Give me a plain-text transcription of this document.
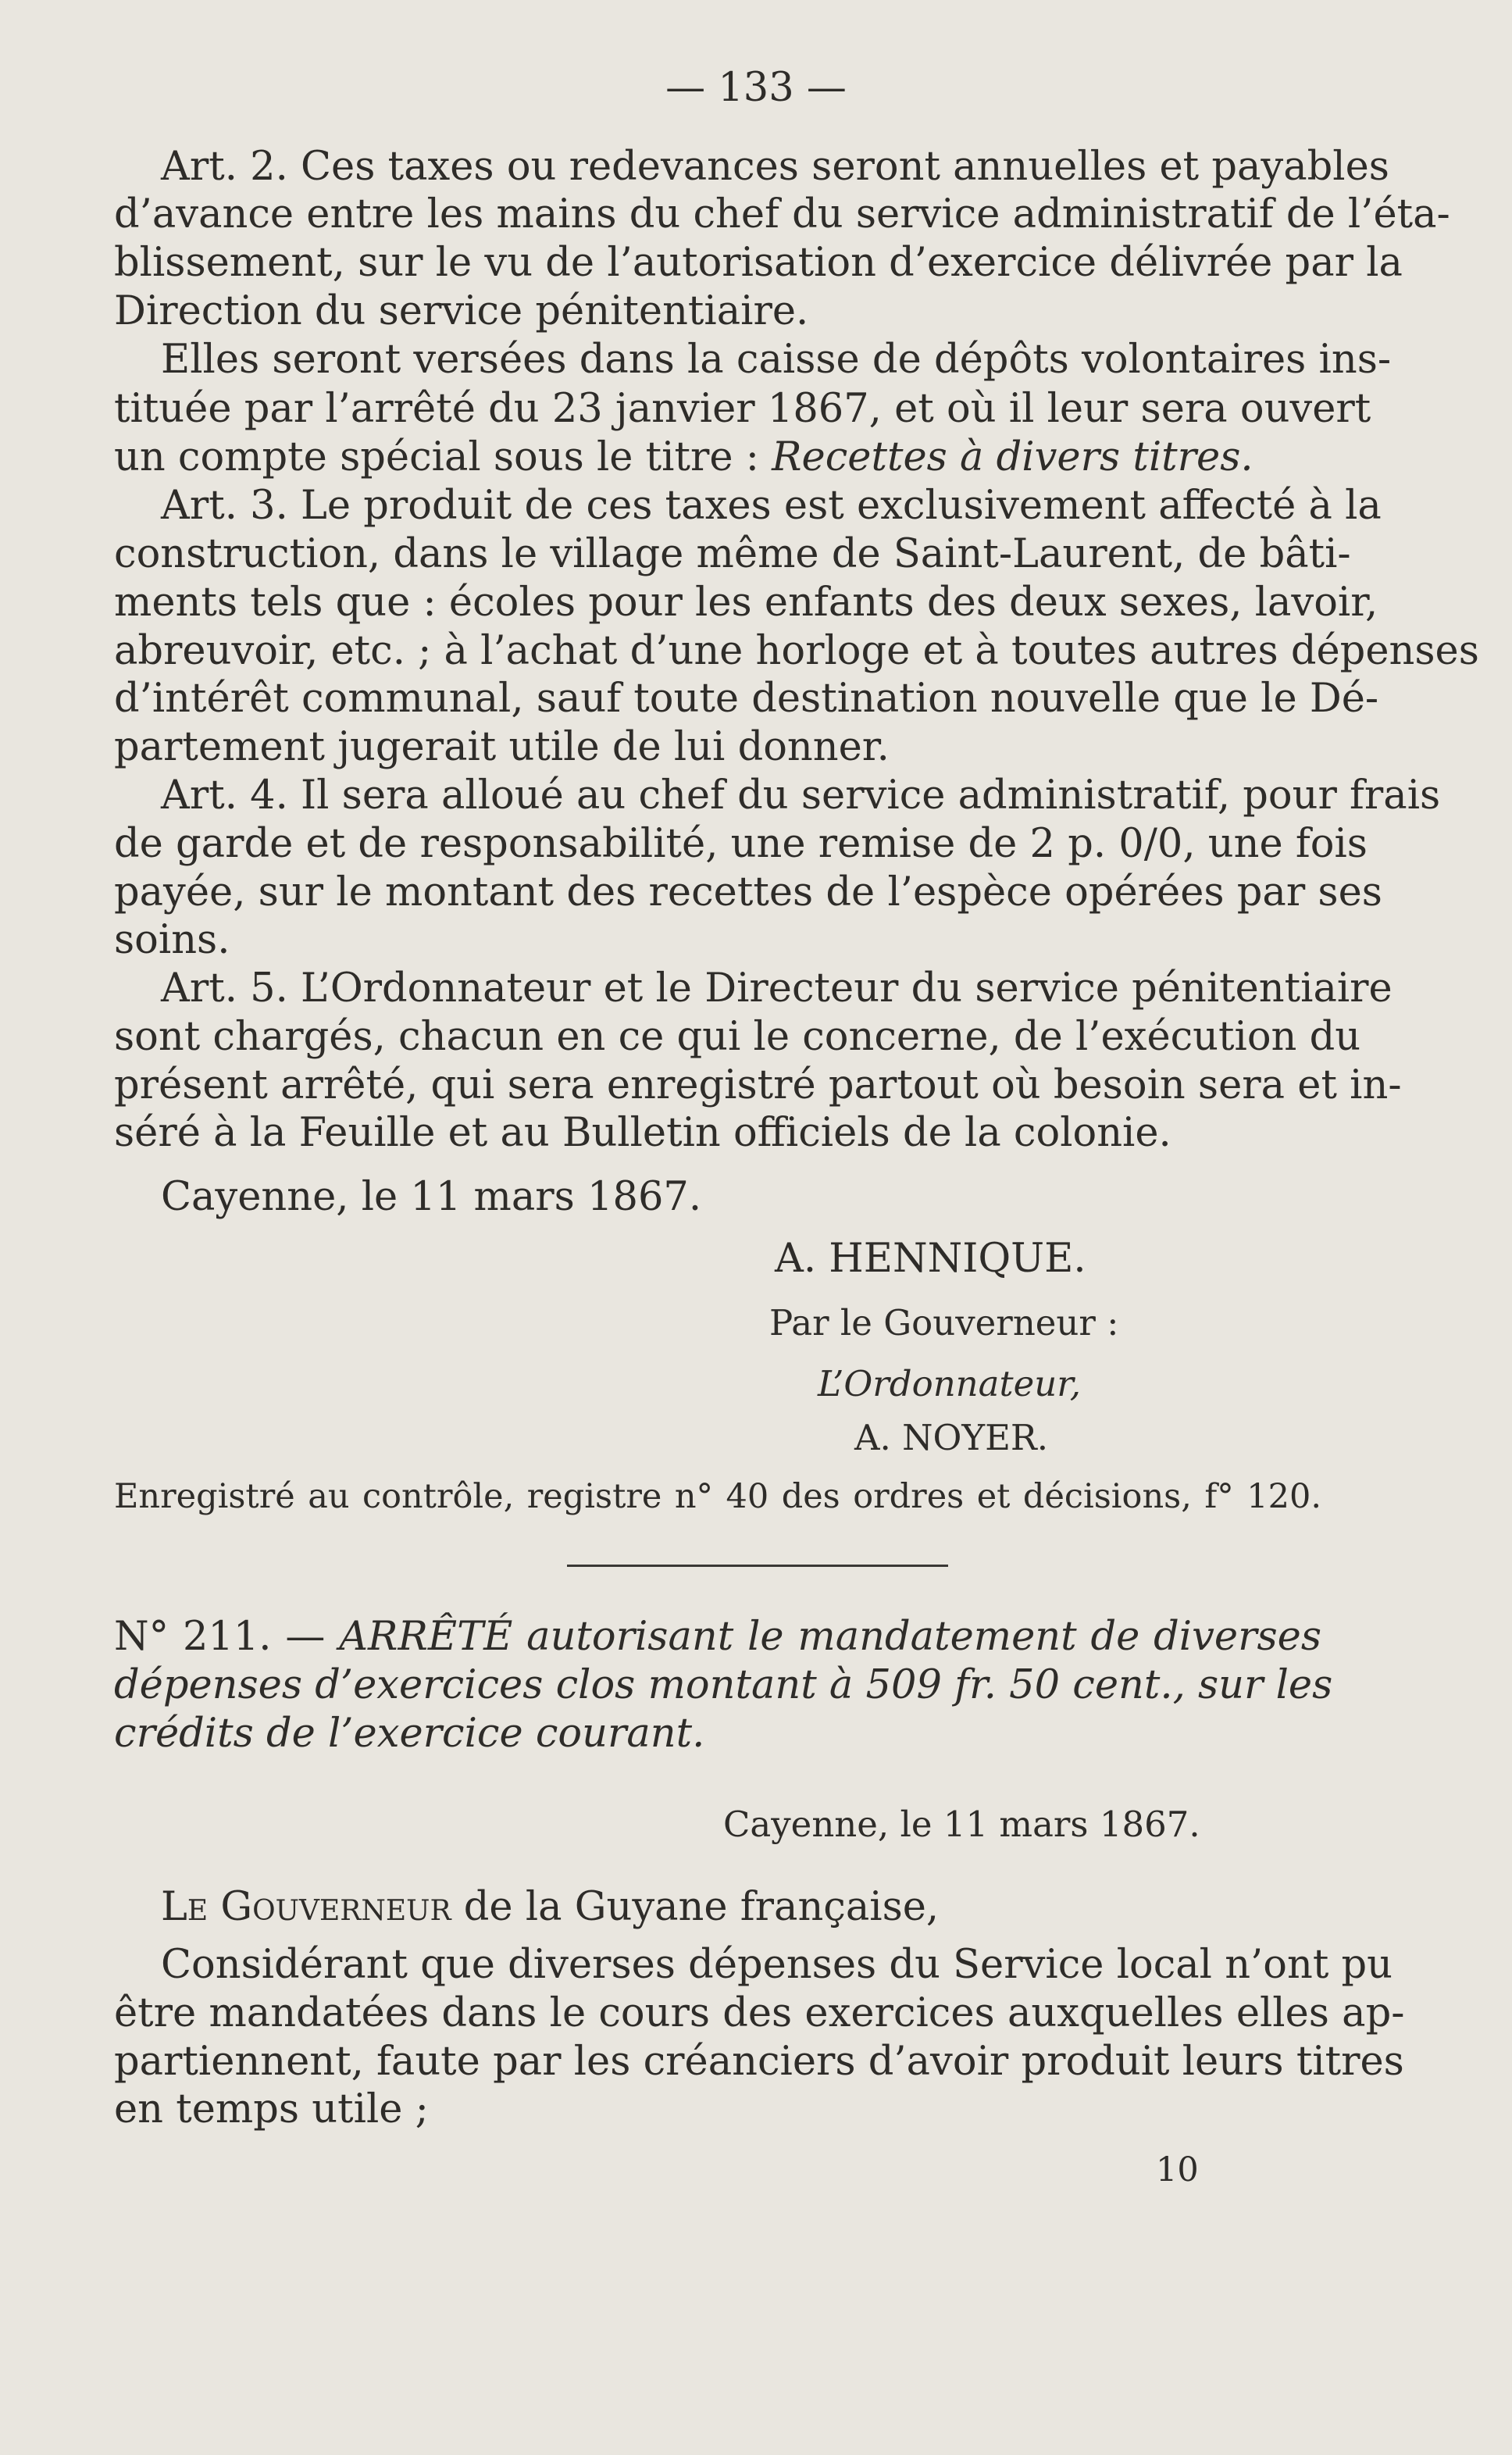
— 133 —
Art. 2. Ces taxes ou redevances seront annuelles et payables
d’avance entre les mains du chef du service administratif de l’éta-
blissement, sur le vu de l’autorisation d’exercice délivrée par la
Direction du service pénitentiaire.
Elles seront versées dans la caisse de dépôts volontaires ins-
tituée par l’arrêté du 23 janvier 1867, et où il leur sera ouvert
un compte spécial sous le titre : Recettes à divers titres.
Art. 3. Le produit de ces taxes est exclusivement affecté à la
construction, dans le village même de Saint-Laurent, de bâti-
ments tels que : écoles pour les enfants des deux sexes, lavoir,
abreuvoir, etc. ; à l’achat d’une horloge et à toutes autres dépenses
d’intérêt communal, sauf toute destination nouvelle que le Dé-
partement jugerait utile de lui donner.
Art. 4. Il sera alloué au chef du service administratif, pour frais
de garde et de responsabilité, une remise de 2 p. 0/0, une fois
payée, sur le montant des recettes de l’espèce opérées par ses
soins.
Art. 5. L’Ordonnateur et le Directeur du service pénitentiaire
sont chargés, chacun en ce qui le concerne, de l’exécution du
présent arrêté, qui sera enregistré partout où besoin sera et in-
séré à la Feuille et au Bulletin officiels de la colonie.
Cayenne, le 11 mars 1867.
A. HENNIQUE.
Par le Gouverneur :
L’Ordonnateur,
A. NOYER.
Enregistré au contrôle, registre n° 40 des ordres et décisions, f° 120.
N° 211. — ARRÊTÉ autorisant le mandatement de diverses
dépenses d’exercices clos montant à 509 fr. 50 cent., sur les
crédits de l’exercice courant.
Cayenne, le 11 mars 1867.
Le Gouverneur de la Guyane française,
Considérant que diverses dépenses du Service local n’ont pu
être mandatées dans le cours des exercices auxquelles elles ap-
partiennent, faute par les créanciers d’avoir produit leurs titres
en temps utile ;
10
